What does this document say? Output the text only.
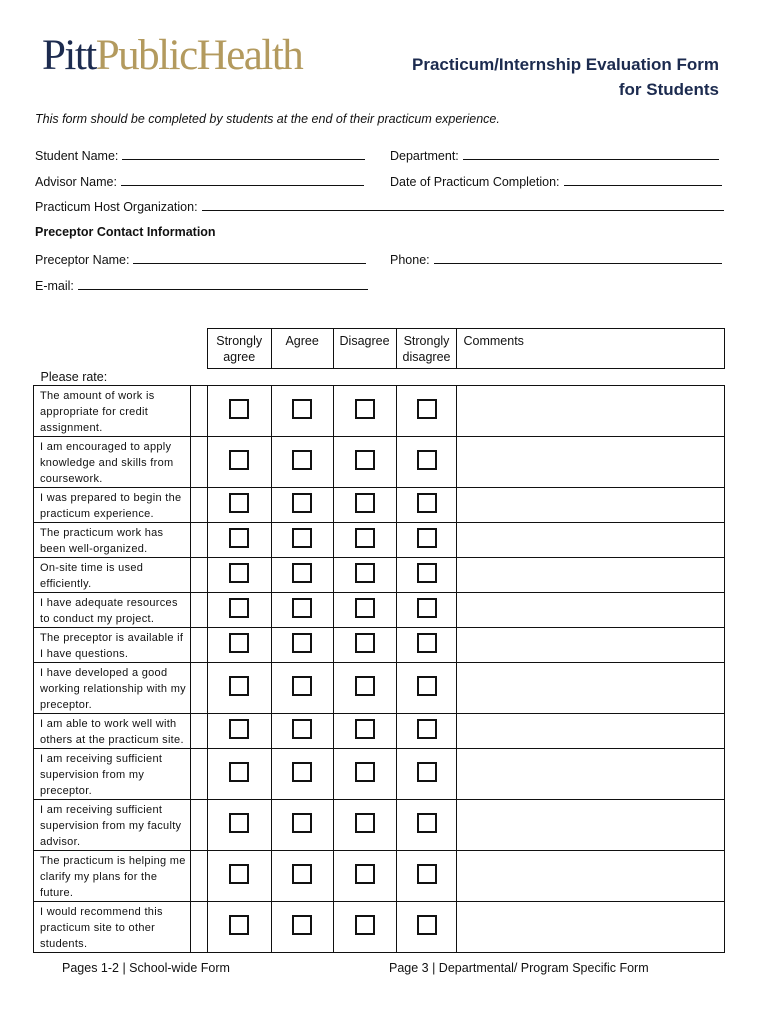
PittPublicHealth	Practicum/Internship Evaluation Form
for Students
This form should be completed by students at the end of their practicum experience.
Student Name:	Department:
Advisor Name:	Date of Practicum Completion:
Practicum Host Organization:
Preceptor Contact Information
Preceptor Name:	Phone:
E-mail:
		Strongly agree	Agree	Disagree	Strongly disagree	Comments
Please rate:						
The amount of work is appropriate for credit assignment.						
I am encouraged to apply knowledge and skills from coursework.						
I was prepared to begin the practicum experience.						
The practicum work has been well-organized.						
On-site time is used efficiently.						
I have adequate resources to conduct my project.						
The preceptor is available if I have questions.						
I have developed a good working relationship with my preceptor.						
I am able to work well with others at the practicum site.						
I am receiving sufficient supervision from my preceptor.						
I am receiving sufficient supervision from my faculty advisor.						
The practicum is helping me clarify my plans for the future.						
I would recommend this practicum site to other students.						
Pages 1-2 | School-wide Form	Page 3 | Departmental/ Program Specific Form
